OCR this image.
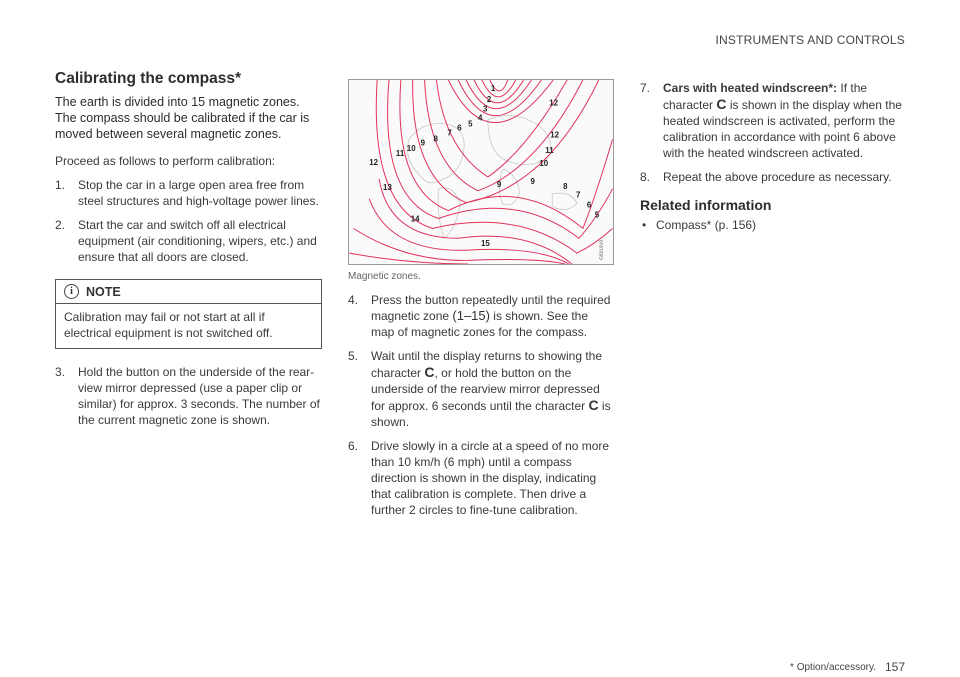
INSTRUMENTS AND CONTROLS
Calibrating the compass*
The earth is divided into 15 magnetic zones. The compass should be calibrated if the car is moved between several magnetic zones.

Proceed as follows to perform calibration:

1. Stop the car in a large open area free from steel structures and high-voltage power lines.
2. Start the car and switch off all electrical equipment (air conditioning, wipers, etc.) and ensure that all doors are closed.
i	NOTE
Calibration may fail or not start at all if electrical equipment is not switched off.
3. Hold the button on the underside of the rear-view mirror depressed (use a paper clip or similar) for approx. 3 seconds. The number of the current magnetic zone is shown.
1
2
3
4
5
6
7
8
9
10
11
12
12
13
14
15
12
11
10
9	9
8
7
6
5
G021910
Magnetic zones.
4. Press the button repeatedly until the required magnetic zone (1–15) is shown. See the map of magnetic zones for the compass.
5. Wait until the display returns to showing the character C, or hold the button on the underside of the rearview mirror depressed for approx. 6 seconds until the character C is shown.
6. Drive slowly in a circle at a speed of no more than 10 km/h (6 mph) until a compass direction is shown in the display, indicating that calibration is complete. Then drive a further 2 circles to fine-tune calibration.
7. Cars with heated windscreen*: If the character C is shown in the display when the heated windscreen is activated, perform the calibration in accordance with point 6 above with the heated windscreen activated.
8. Repeat the above procedure as necessary.
Related information
• Compass* (p. 156)
* Option/accessory. 157
